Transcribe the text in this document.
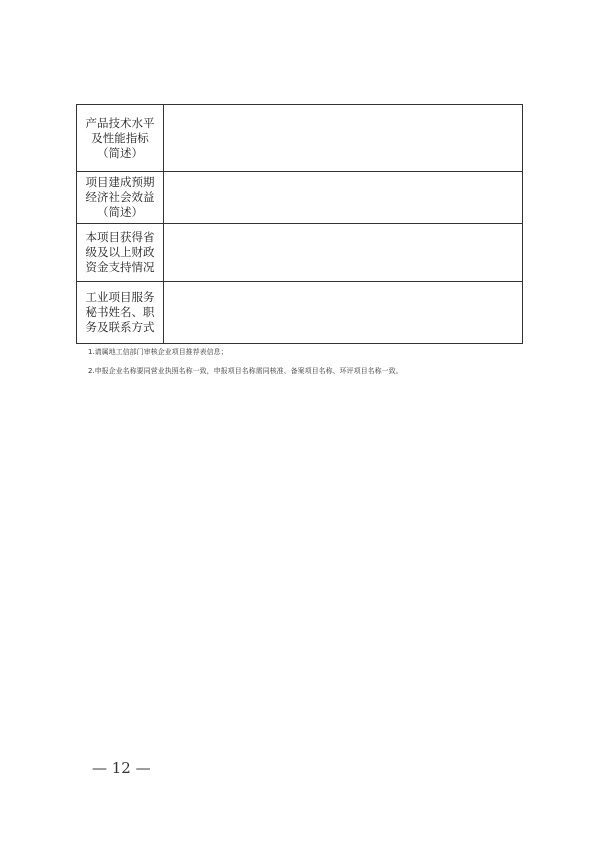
产品技术水平及性能指标（简述）	
项目建成预期经济社会效益（简述）	
本项目获得省级及以上财政资金支持情况	
工业项目服务秘书姓名、职务及联系方式	
1.请属地工信部门审核企业项目推荐表信息；
2.申报企业名称要同营业执照名称一致，申报项目名称需同核准、备案项目名称、环评项目名称一致。
— 12 —
